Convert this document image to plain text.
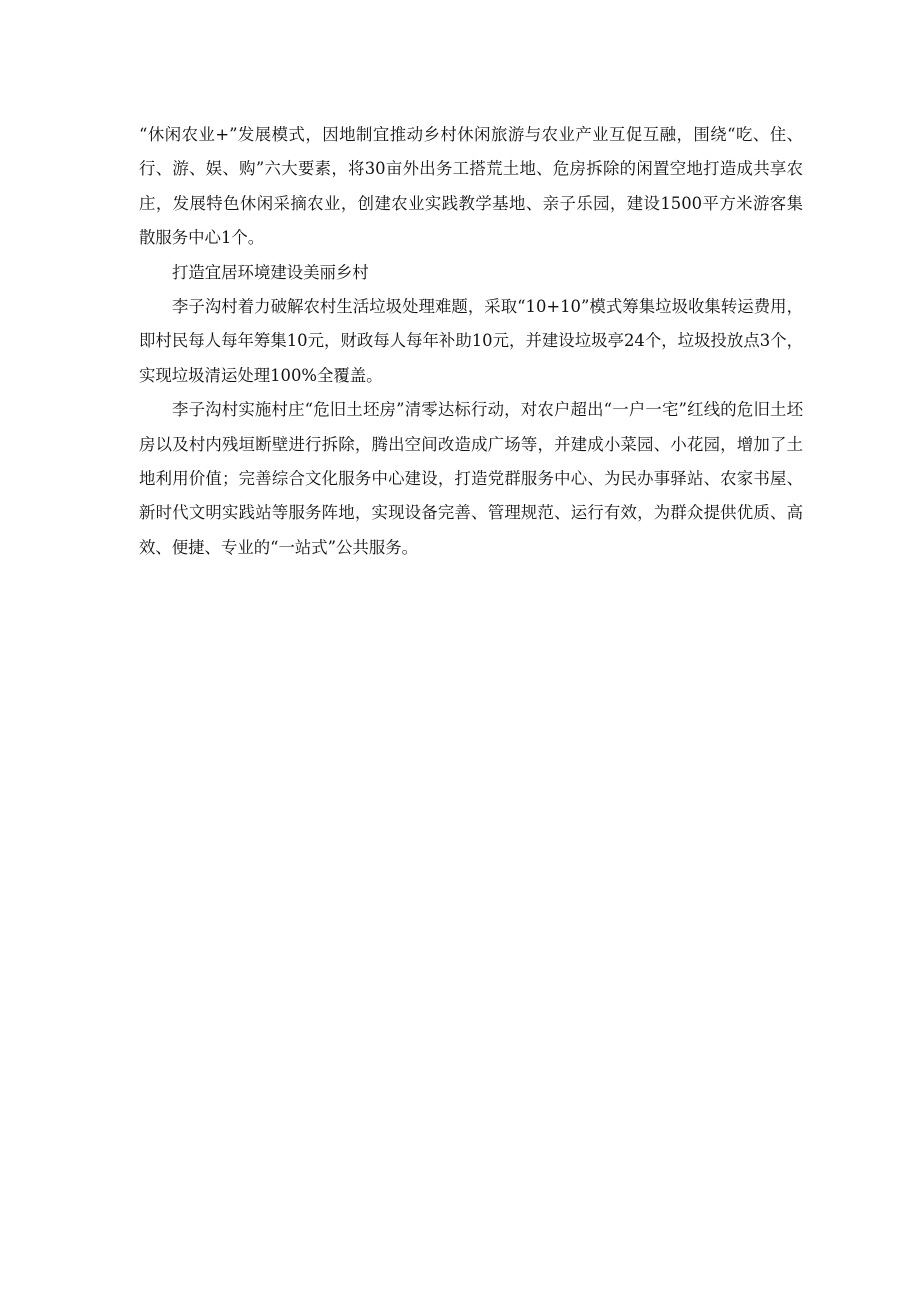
“休闲农业+”发展模式，因地制宜推动乡村休闲旅游与农业产业互促互融，围绕“吃、住、行、游、娱、购”六大要素，将30亩外出务工搭荒土地、危房拆除的闲置空地打造成共享农庄，发展特色休闲采摘农业，创建农业实践教学基地、亲子乐园，建设1500平方米游客集散服务中心1个。

打造宜居环境建设美丽乡村

李子沟村着力破解农村生活垃圾处理难题，采取“10+10”模式筹集垃圾收集转运费用，即村民每人每年筹集10元，财政每人每年补助10元，并建设垃圾亭24个，垃圾投放点3个，实现垃圾清运处理100%全覆盖。

李子沟村实施村庄“危旧土坯房”清零达标行动，对农户超出“一户一宅”红线的危旧土坯房以及村内残垣断壁进行拆除，腾出空间改造成广场等，并建成小菜园、小花园，增加了土地利用价值；完善综合文化服务中心建设，打造党群服务中心、为民办事驿站、农家书屋、新时代文明实践站等服务阵地，实现设备完善、管理规范、运行有效，为群众提供优质、高效、便捷、专业的“一站式”公共服务。
